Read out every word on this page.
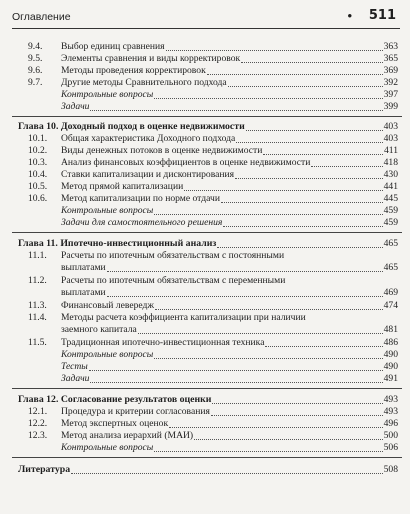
Оглавление	• 511
9.4. Выбор единиц сравнения	363
9.5. Элементы сравнения и виды корректировок	365
9.6. Методы проведения корректировок	369
9.7. Другие методы Сравнительного подхода	392
Контрольные вопросы	397
Задачи	399
Глава 10. Доходный подход в оценке недвижимости	403
10.1. Общая характеристика Доходного подхода	403
10.2. Виды денежных потоков в оценке недвижимости	411
10.3. Анализ финансовых коэффициентов в оценке недвижимости	418
10.4. Ставки капитализации и дисконтирования	430
10.5. Метод прямой капитализации	441
10.6. Метод капитализации по норме отдачи	445
Контрольные вопросы	459
Задачи для самостоятельного решения	459
Глава 11. Ипотечно-инвестиционный анализ	465
11.1. Расчеты по ипотечным обязательствам с постоянными
выплатами	465
11.2. Расчеты по ипотечным обязательствам с переменными
выплатами	469
11.3. Финансовый левередж	474
11.4. Методы расчета коэффициента капитализации при наличии
заемного капитала	481
11.5. Традиционная ипотечно-инвестиционная техника	486
Контрольные вопросы	490
Тесты	490
Задачи	491
Глава 12. Согласование результатов оценки	493
12.1. Процедура и критерии согласования	493
12.2. Метод экспертных оценок	496
12.3. Метод анализа иерархий (МАИ)	500
Контрольные вопросы	506
Литература	508
